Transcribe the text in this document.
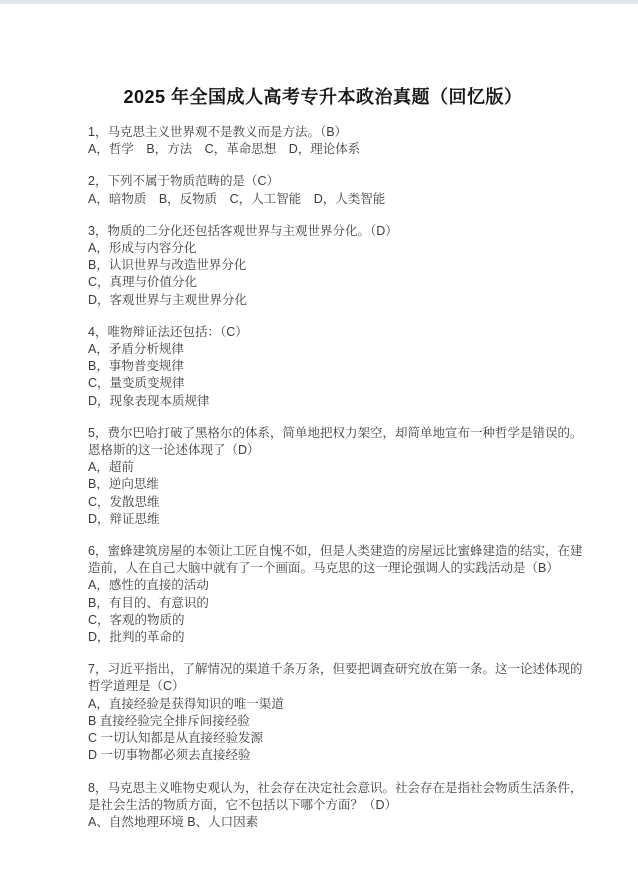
2025 年全国成人高考专升本政治真题（回忆版）
1，马克思主义世界观不是教义而是方法。（B）
A，哲学　B，方法　C，革命思想　D，理论体系
2，下列不属于物质范畴的是（C）
A，暗物质　B，反物质　C，人工智能　D，人类智能
3，物质的二分化还包括客观世界与主观世界分化。（D）
A，形成与内容分化
B，认识世界与改造世界分化
C，真理与价值分化
D，客观世界与主观世界分化
4，唯物辩证法还包括：（C）
A，矛盾分析规律
B，事物普变规律
C，量变质变规律
D，现象表现本质规律
5，费尔巴哈打破了黑格尔的体系，简单地把权力架空，却简单地宣布一种哲学是错误的。
恩格斯的这一论述体现了（D）
A，超前
B，逆向思维
C，发散思维
D，辩证思维
6，蜜蜂建筑房屋的本领让工匠自愧不如，但是人类建造的房屋远比蜜蜂建造的结实，在建
造前，人在自己大脑中就有了一个画面。马克思的这一理论强调人的实践活动是（B）
A，感性的直接的活动
B，有目的、有意识的
C，客观的物质的
D，批判的革命的
7，习近平指出，了解情况的渠道千条万条，但要把调查研究放在第一条。这一论述体现的
哲学道理是（C）
A，直接经验是获得知识的唯一渠道
B 直接经验完全排斥间接经验
C 一切认知都是从直接经验发源
D 一切事物都必须去直接经验
8，马克思主义唯物史观认为，社会存在决定社会意识。社会存在是指社会物质生活条件，
是社会生活的物质方面，它不包括以下哪个方面？（D）
A、自然地理环境 B、人口因素
